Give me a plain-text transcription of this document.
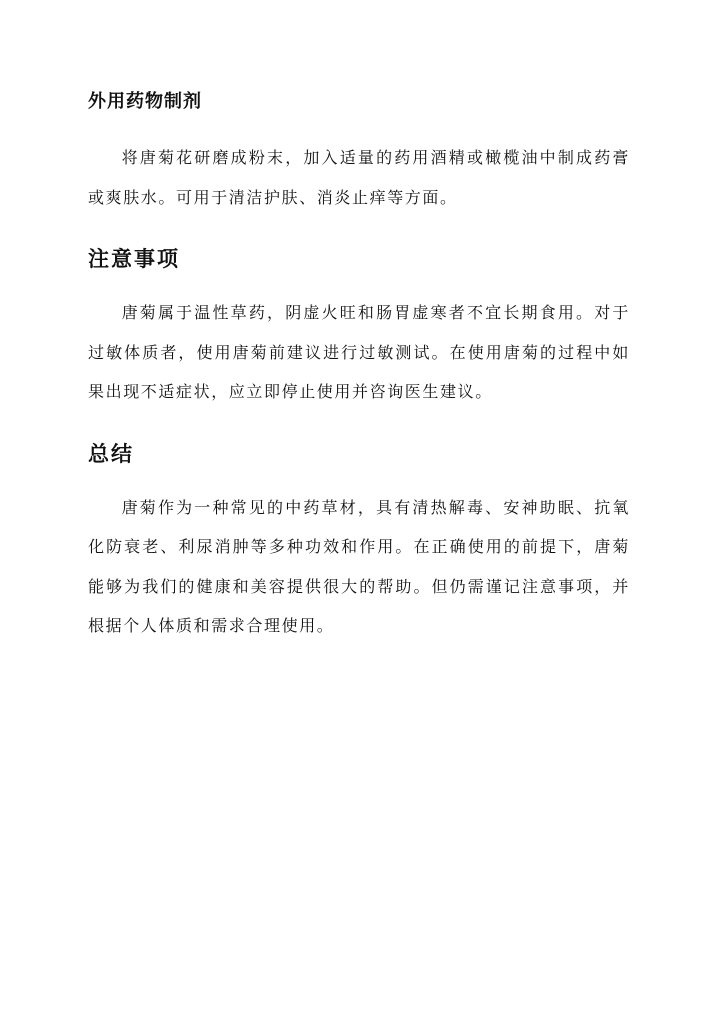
外用药物制剂

将唐菊花研磨成粉末，加入适量的药用酒精或橄榄油中制成药膏或爽肤水。可用于清洁护肤、消炎止痒等方面。

注意事项

唐菊属于温性草药，阴虚火旺和肠胃虚寒者不宜长期食用。对于过敏体质者，使用唐菊前建议进行过敏测试。在使用唐菊的过程中如果出现不适症状，应立即停止使用并咨询医生建议。

总结

唐菊作为一种常见的中药草材，具有清热解毒、安神助眠、抗氧化防衰老、利尿消肿等多种功效和作用。在正确使用的前提下，唐菊能够为我们的健康和美容提供很大的帮助。但仍需谨记注意事项，并根据个人体质和需求合理使用。
